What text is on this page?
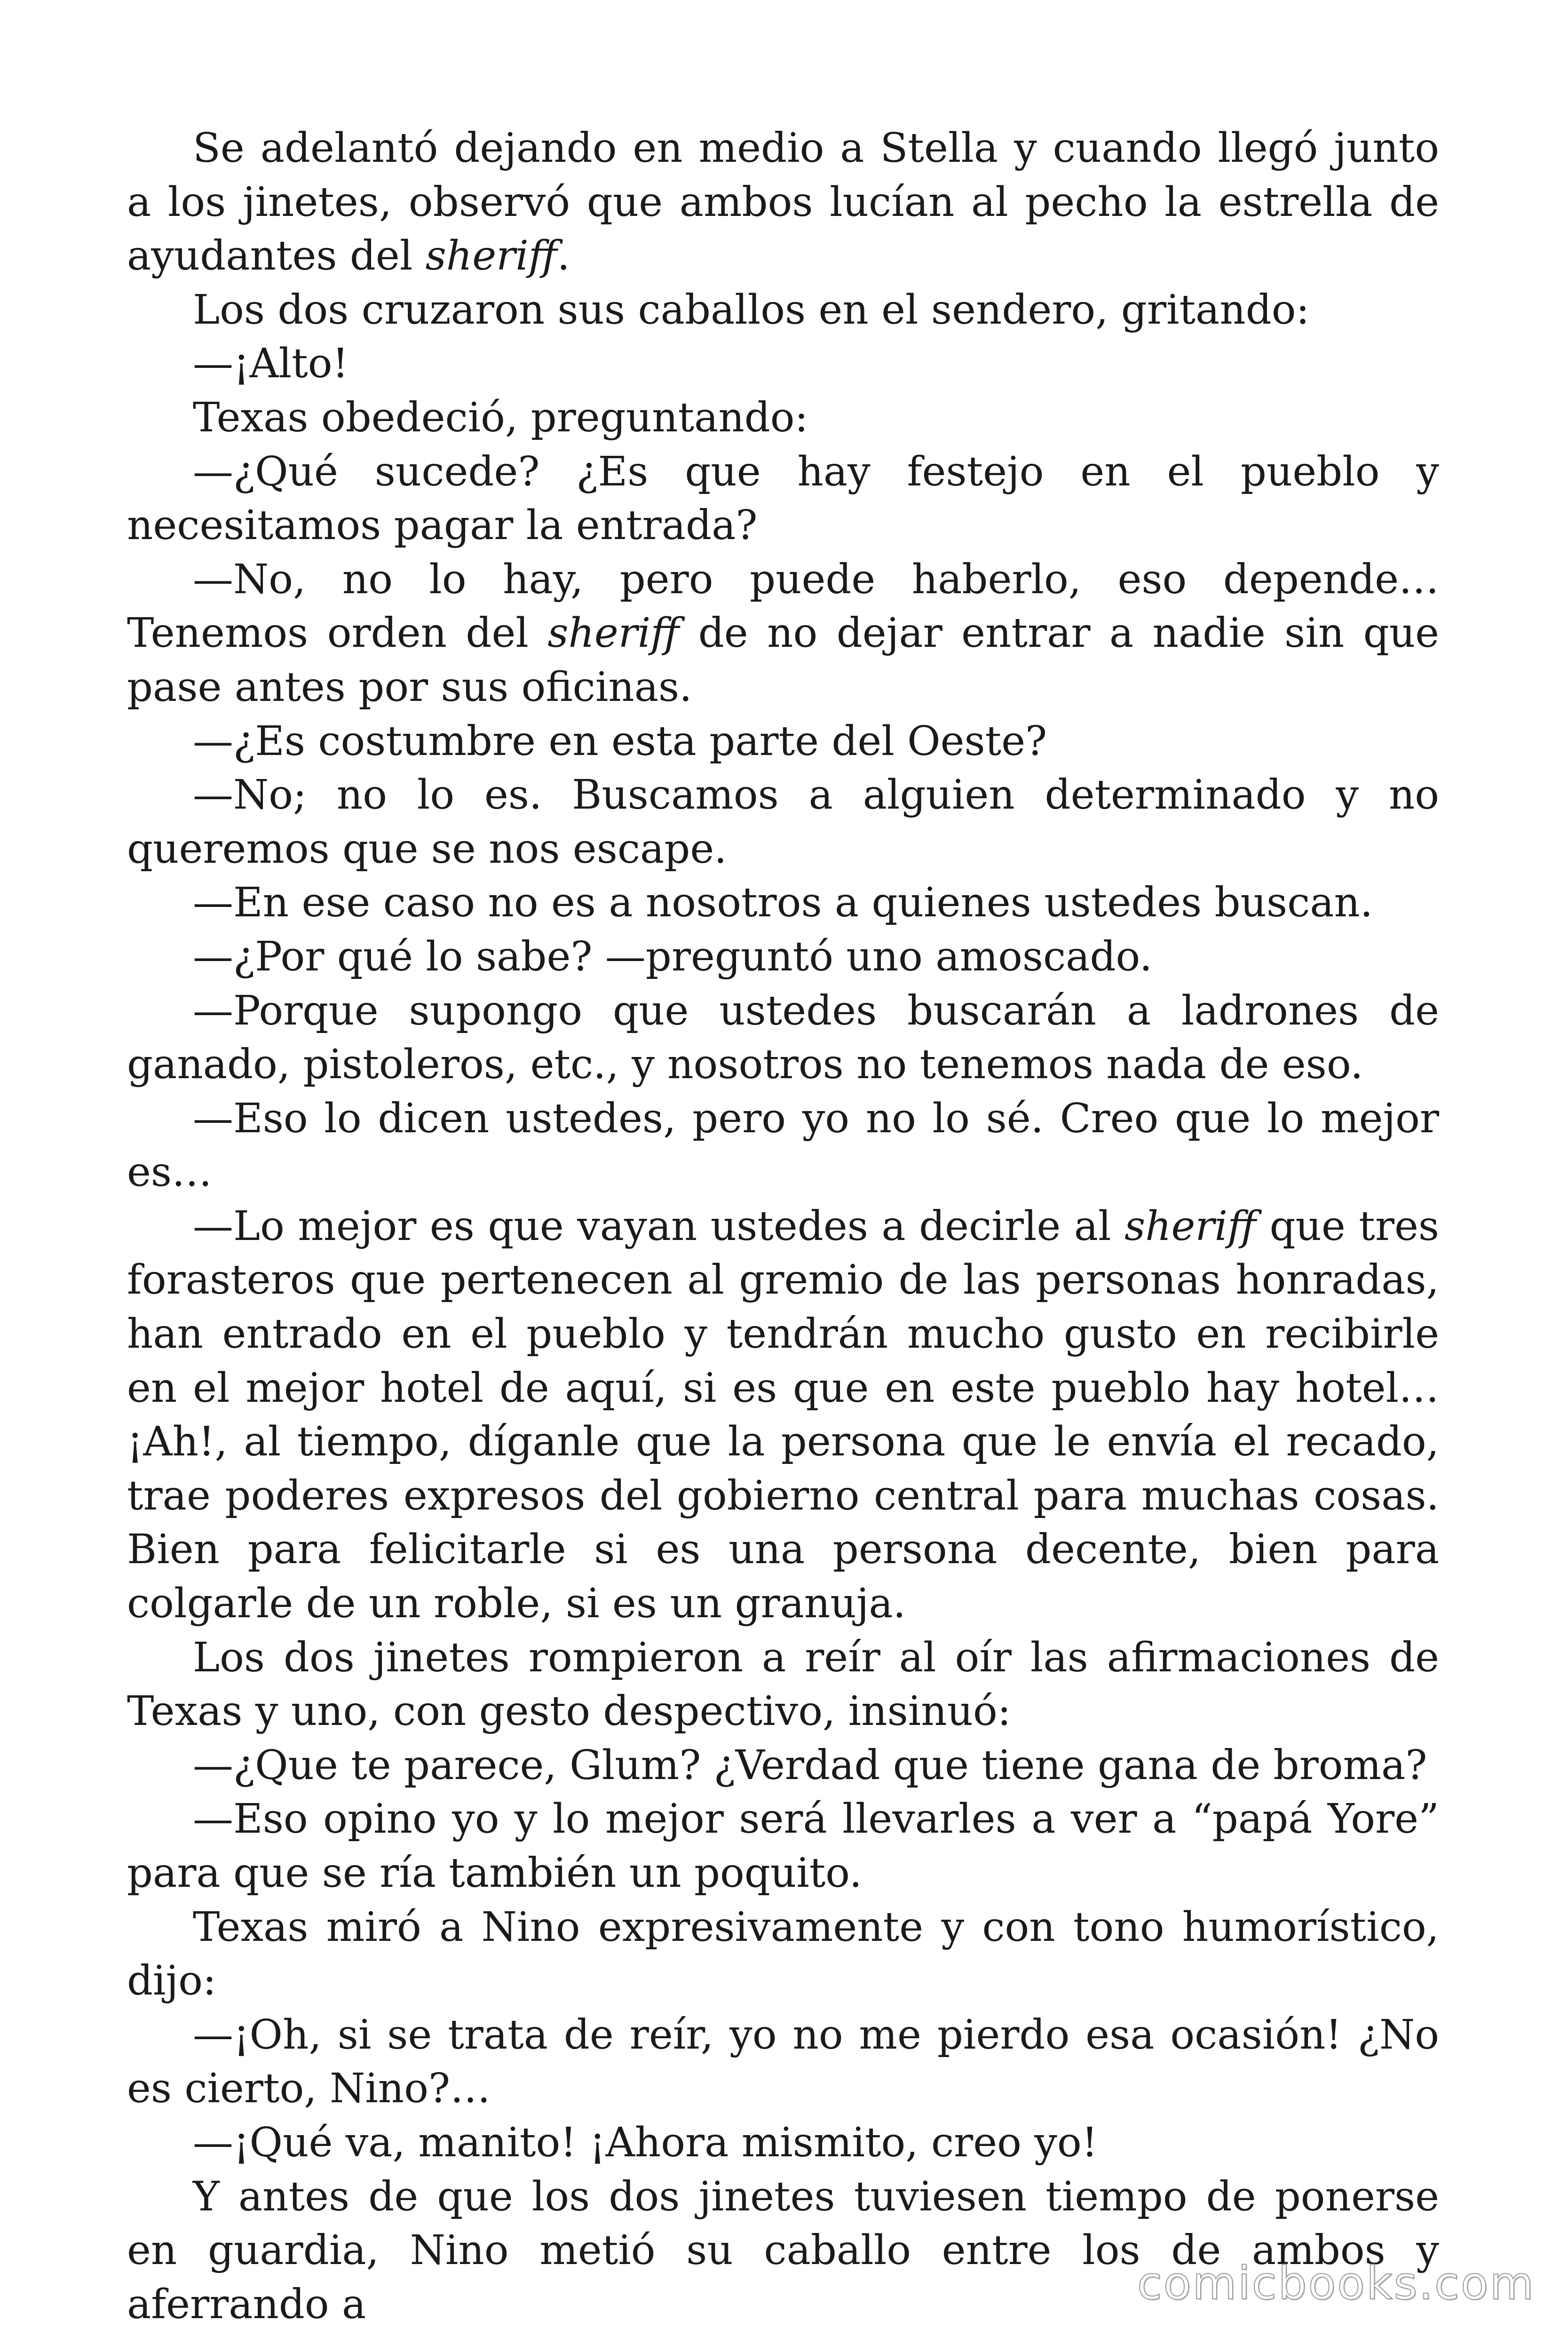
Se adelantó dejando en medio a Stella y cuando llegó junto a los jinetes, observó que ambos lucían al pecho la estrella de ayudantes del sheriff.

Los dos cruzaron sus caballos en el sendero, gritando:

—¡Alto!

Texas obedeció, preguntando:

—¿Qué sucede? ¿Es que hay festejo en el pueblo y necesitamos pagar la entrada?

—No, no lo hay, pero puede haberlo, eso depende… Tenemos orden del sheriff de no dejar entrar a nadie sin que pase antes por sus oficinas.

—¿Es costumbre en esta parte del Oeste?

—No; no lo es. Buscamos a alguien determinado y no queremos que se nos escape.

—En ese caso no es a nosotros a quienes ustedes buscan.

—¿Por qué lo sabe? —preguntó uno amoscado.

—Porque supongo que ustedes buscarán a ladrones de ganado, pistoleros, etc., y nosotros no tenemos nada de eso.

—Eso lo dicen ustedes, pero yo no lo sé. Creo que lo mejor es…

—Lo mejor es que vayan ustedes a decirle al sheriff que tres forasteros que pertenecen al gremio de las personas honradas, han entrado en el pueblo y tendrán mucho gusto en recibirle en el mejor hotel de aquí, si es que en este pueblo hay hotel… ¡Ah!, al tiempo, díganle que la persona que le envía el recado, trae poderes expresos del gobierno central para muchas cosas. Bien para felicitarle si es una persona decente, bien para colgarle de un roble, si es un granuja.

Los dos jinetes rompieron a reír al oír las afirmaciones de Texas y uno, con gesto despectivo, insinuó:

—¿Que te parece, Glum? ¿Verdad que tiene gana de broma?

—Eso opino yo y lo mejor será llevarles a ver a “papá Yore” para que se ría también un poquito.

Texas miró a Nino expresivamente y con tono humorístico, dijo:

—¡Oh, si se trata de reír, yo no me pierdo esa ocasión! ¿No es cierto, Nino?…

—¡Qué va, manito! ¡Ahora mismito, creo yo!

Y antes de que los dos jinetes tuviesen tiempo de ponerse en guardia, Nino metió su caballo entre los de ambos y aferrando a	comicbooks.com
